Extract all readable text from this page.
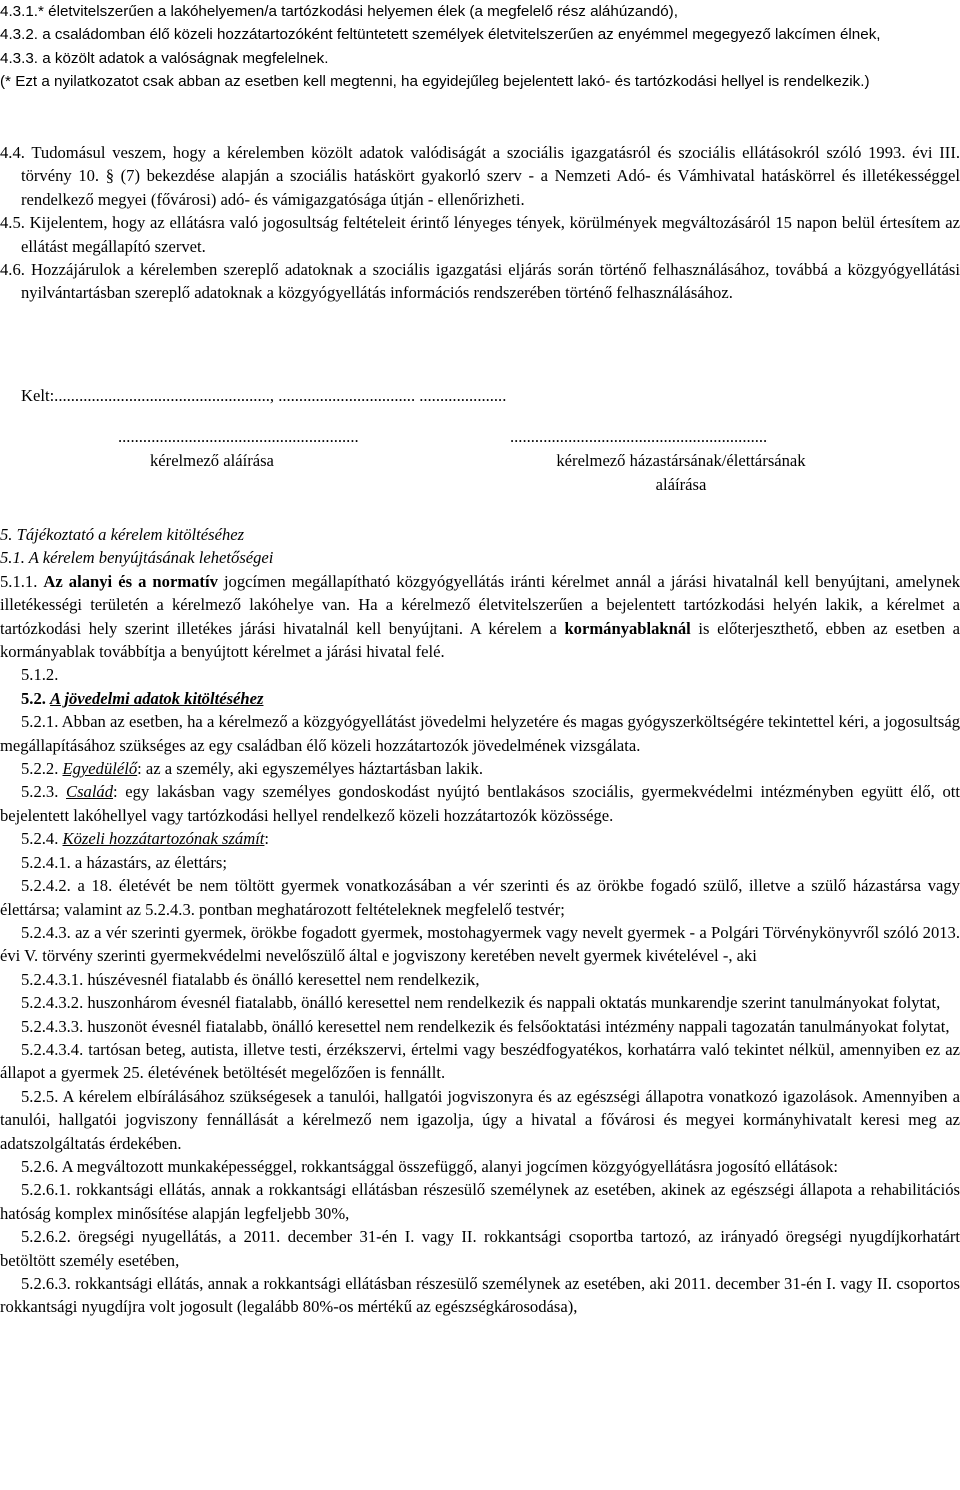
4.3.1.* életvitelszerűen a lakóhelyemen/a tartózkodási helyemen élek (a megfelelő rész aláhúzandó),
4.3.2. a családomban élő közeli hozzátartozóként feltüntetett személyek életvitelszerűen az enyémmel megegyező lakcímen élnek,
4.3.3. a közölt adatok a valóságnak megfelelnek.
(* Ezt a nyilatkozatot csak abban az esetben kell megtenni, ha egyidejűleg bejelentett lakó- és tartózkodási hellyel is rendelkezik.)
4.4. Tudomásul veszem, hogy a kérelemben közölt adatok valódiságát a szociális igazgatásról és szociális ellátásokról szóló 1993. évi III. törvény 10. § (7) bekezdése alapján a szociális hatáskört gyakorló szerv - a Nemzeti Adó- és Vámhivatal hatáskörrel és illetékességgel rendelkező megyei (fővárosi) adó- és vámigazgatósága útján - ellenőrizheti.
4.5. Kijelentem, hogy az ellátásra való jogosultság feltételeit érintő lényeges tények, körülmények megváltozásáról 15 napon belül értesítem az ellátást megállapító szervet.
4.6. Hozzájárulok a kérelemben szereplő adatoknak a szociális igazgatási eljárás során történő felhasználásához, továbbá a közgyógyellátási nyilvántartásban szereplő adatoknak a közgyógyellátás információs rendszerében történő felhasználásához.
Kelt:...................................................., ................................. .....................
..........................................................	..............................................................
kérelmező aláírása	kérelmező házastársának/élettársának
aláírása
5. Tájékoztató a kérelem kitöltéséhez
5.1. A kérelem benyújtásának lehetőségei
5.1.1. Az alanyi és a normatív jogcímen megállapítható közgyógyellátás iránti kérelmet annál a járási hivatalnál kell benyújtani, amelynek illetékességi területén a kérelmező lakóhelye van. Ha a kérelmező életvitelszerűen a bejelentett tartózkodási helyén lakik, a kérelmet a tartózkodási hely szerint illetékes járási hivatalnál kell benyújtani. A kérelem a kormányablaknál is előterjeszthető, ebben az esetben a kormányablak továbbítja a benyújtott kérelmet a járási hivatal felé.
5.1.2.
5.2. A jövedelmi adatok kitöltéséhez
5.2.1. Abban az esetben, ha a kérelmező a közgyógyellátást jövedelmi helyzetére és magas gyógyszerköltségére tekintettel kéri, a jogosultság megállapításához szükséges az egy családban élő közeli hozzátartozók jövedelmének vizsgálata.
5.2.2. Egyedülélő: az a személy, aki egyszemélyes háztartásban lakik.
5.2.3. Család: egy lakásban vagy személyes gondoskodást nyújtó bentlakásos szociális, gyermekvédelmi intézményben együtt élő, ott bejelentett lakóhellyel vagy tartózkodási hellyel rendelkező közeli hozzátartozók közössége.
5.2.4. Közeli hozzátartozónak számít:
5.2.4.1. a házastárs, az élettárs;
5.2.4.2. a 18. életévét be nem töltött gyermek vonatkozásában a vér szerinti és az örökbe fogadó szülő, illetve a szülő házastársa vagy élettársa; valamint az 5.2.4.3. pontban meghatározott feltételeknek megfelelő testvér;
5.2.4.3. az a vér szerinti gyermek, örökbe fogadott gyermek, mostohagyermek vagy nevelt gyermek - a Polgári Törvénykönyvről szóló 2013. évi V. törvény szerinti gyermekvédelmi nevelőszülő által e jogviszony keretében nevelt gyermek kivételével -, aki
5.2.4.3.1. húszévesnél fiatalabb és önálló keresettel nem rendelkezik,
5.2.4.3.2. huszonhárom évesnél fiatalabb, önálló keresettel nem rendelkezik és nappali oktatás munkarendje szerint tanulmányokat folytat,
5.2.4.3.3. huszonöt évesnél fiatalabb, önálló keresettel nem rendelkezik és felsőoktatási intézmény nappali tagozatán tanulmányokat folytat,
5.2.4.3.4. tartósan beteg, autista, illetve testi, érzékszervi, értelmi vagy beszédfogyatékos, korhatárra való tekintet nélkül, amennyiben ez az állapot a gyermek 25. életévének betöltését megelőzően is fennállt.
5.2.5. A kérelem elbírálásához szükségesek a tanulói, hallgatói jogviszonyra és az egészségi állapotra vonatkozó igazolások. Amennyiben a tanulói, hallgatói jogviszony fennállását a kérelmező nem igazolja, úgy a hivatal a fővárosi és megyei kormányhivatalt keresi meg az adatszolgáltatás érdekében.
5.2.6. A megváltozott munkaképességgel, rokkantsággal összefüggő, alanyi jogcímen közgyógyellátásra jogosító ellátások:
5.2.6.1. rokkantsági ellátás, annak a rokkantsági ellátásban részesülő személynek az esetében, akinek az egészségi állapota a rehabilitációs hatóság komplex minősítése alapján legfeljebb 30%,
5.2.6.2. öregségi nyugellátás, a 2011. december 31-én I. vagy II. rokkantsági csoportba tartozó, az irányadó öregségi nyugdíjkorhatárt betöltött személy esetében,
5.2.6.3. rokkantsági ellátás, annak a rokkantsági ellátásban részesülő személynek az esetében, aki 2011. december 31-én I. vagy II. csoportos rokkantsági nyugdíjra volt jogosult (legalább 80%-os mértékű az egészségkárosodása),
